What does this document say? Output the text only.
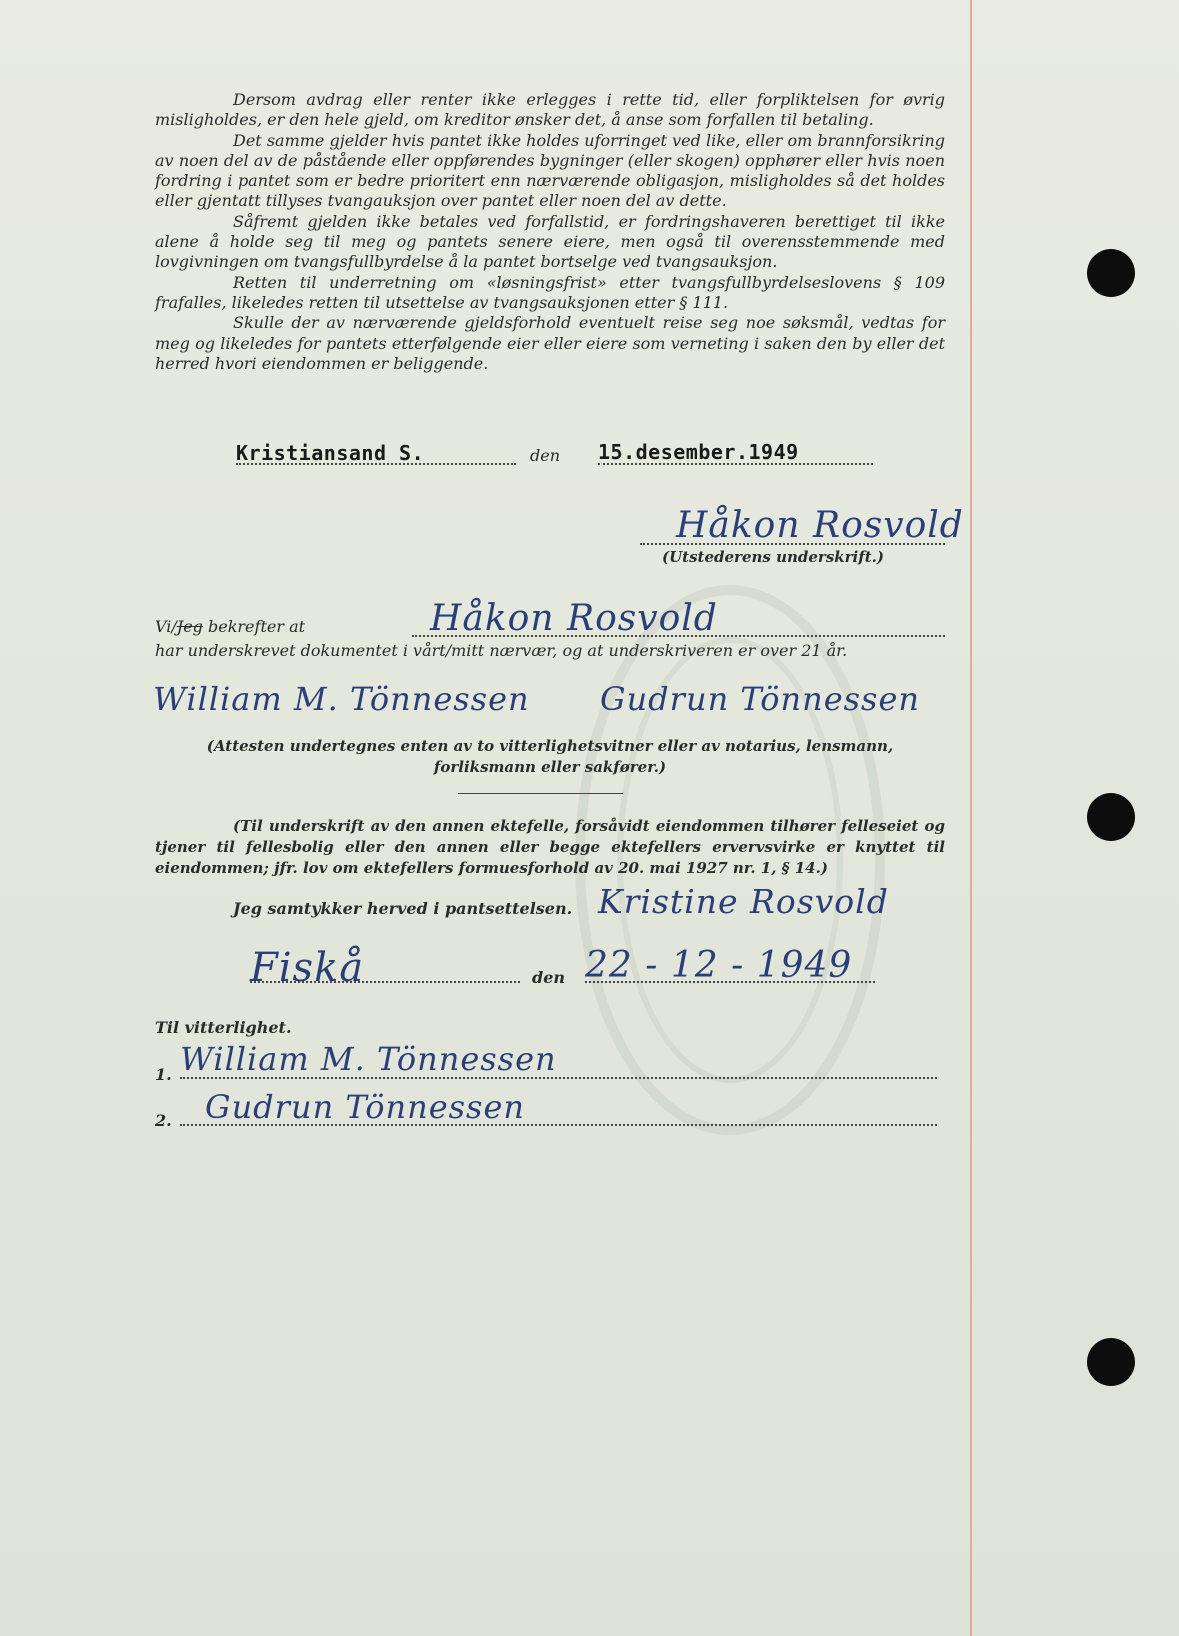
Dersom avdrag eller renter ikke erlegges i rette tid, eller forpliktelsen for øvrig misligholdes, er den hele gjeld, om kreditor ønsker det, å anse som forfallen til betaling.

Det samme gjelder hvis pantet ikke holdes uforringet ved like, eller om brannforsikring av noen del av de påstående eller oppførendes bygninger (eller skogen) opphører eller hvis noen fordring i pantet som er bedre prioritert enn nærværende obligasjon, misligholdes så det holdes eller gjentatt tillyses tvangauksjon over pantet eller noen del av dette.

Såfremt gjelden ikke betales ved forfallstid, er fordringshaveren berettiget til ikke alene å holde seg til meg og pantets senere eiere, men også til overensstemmende med lovgivningen om tvangsfullbyrdelse å la pantet bortselge ved tvangsauksjon.

Retten til underretning om «løsningsfrist» etter tvangsfullbyrdelseslovens § 109 frafalles, likeledes retten til utsettelse av tvangsauksjonen etter § 111.

Skulle der av nærværende gjeldsforhold eventuelt reise seg noe søksmål, vedtas for meg og likeledes for pantets etterfølgende eier eller eiere som verneting i saken den by eller det herred hvori eiendommen er beliggende.

Kristiansand S.	den 15.desember.1949
Håkon Rosvold
(Utstederens underskrift.)
Vi/Jeg bekrefter at	Håkon Rosvold
har underskrevet dokumentet i vårt/mitt nærvær, og at underskriveren er over 21 år.
William M. Tönnessen Gudrun Tönnessen
(Attesten undertegnes enten av to vitterlighetsvitner eller av notarius, lensmann, forliksmann eller sakfører.)
(Til underskrift av den annen ektefelle, forsåvidt eiendommen tilhører felleseiet og tjener til fellesbolig eller den annen eller begge ektefellers ervervsvirke er knyttet til eiendommen; jfr. lov om ektefellers formuesforhold av 20. mai 1927 nr. 1, § 14.)
Jeg samtykker herved i pantsettelsen. Kristine Rosvold
Fiskå	den 22 - 12 - 1949
Til vitterlighet.
1. William M. Tönnessen
2. Gudrun Tönnessen
